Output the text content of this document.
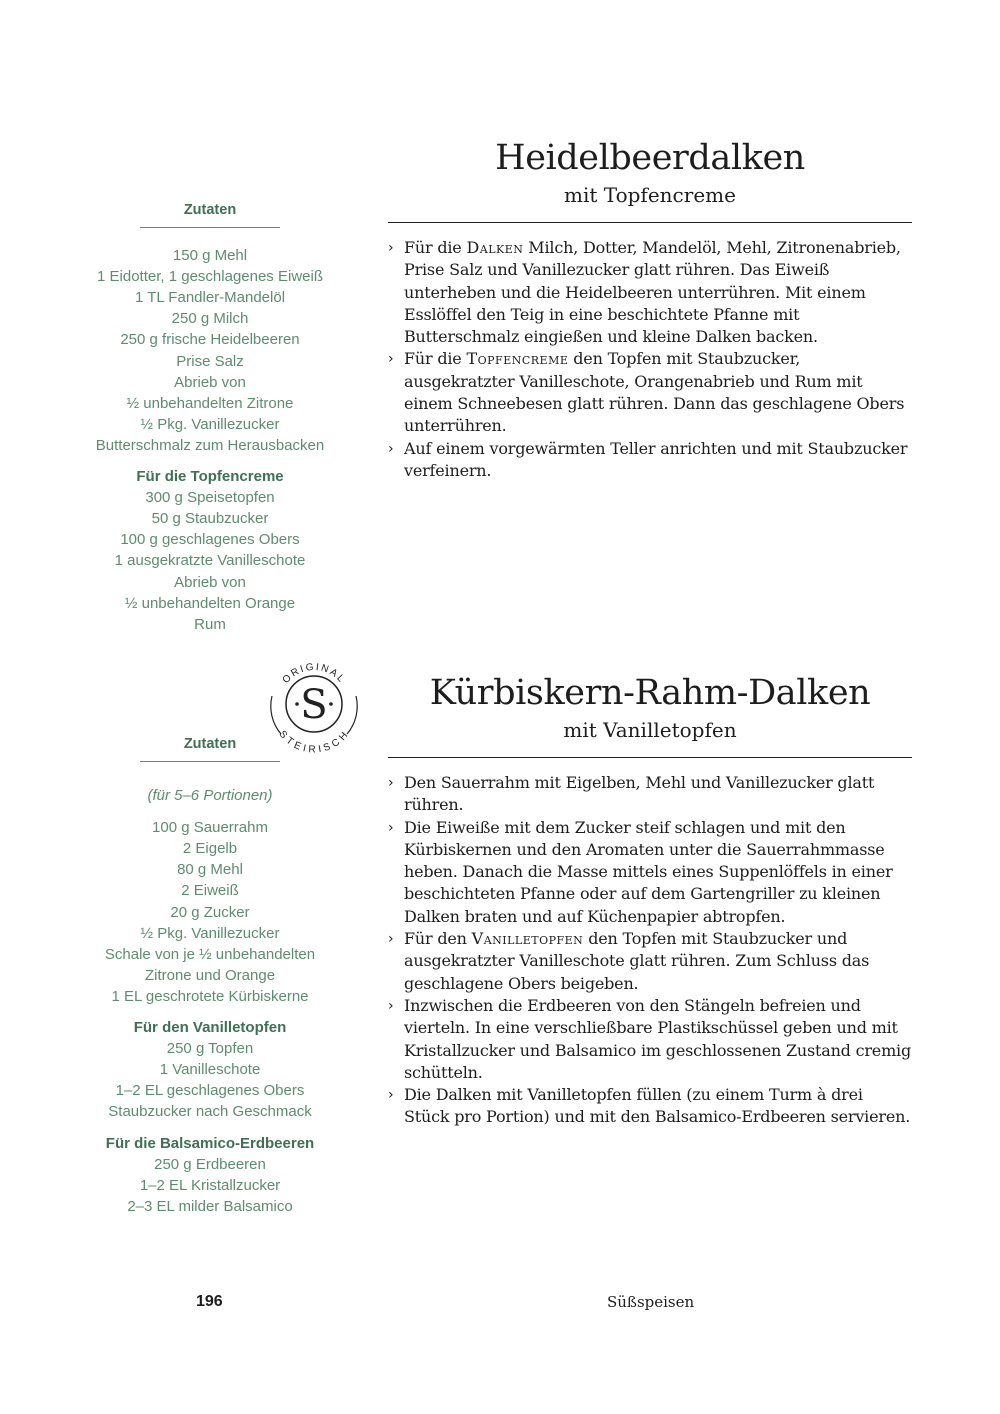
Zutaten
150 g Mehl
1 Eidotter, 1 geschlagenes Eiweiß
1 TL Fandler-Mandelöl
250 g Milch
250 g frische Heidelbeeren
Prise Salz
Abrieb von
½ unbehandelten Zitrone
½ Pkg. Vanillezucker
Butterschmalz zum Herausbacken
Für die Topfencreme
300 g Speisetopfen
50 g Staubzucker
100 g geschlagenes Obers
1 ausgekratzte Vanilleschote
Abrieb von
½ unbehandelten Orange
Rum
Heidelbeerdalken
mit Topfencreme
› Für die Dalken Milch, Dotter, Mandelöl, Mehl, Zitronenabrieb, Prise Salz und Vanillezucker glatt rühren. Das Eiweiß unterheben und die Heidelbeeren unterrühren. Mit einem Esslöffel den Teig in eine beschichtete Pfanne mit Butterschmalz eingießen und kleine Dalken backen.
› Für die Topfencreme den Topfen mit Staubzucker, ausgekratzter Vanilleschote, Orangenabrieb und Rum mit einem Schneebesen glatt rühren. Dann das geschlagene Obers unterrühren.
› Auf einem vorgewärmten Teller anrichten und mit Staubzucker verfeinern.
ORIGINAL
STEIRISCH
S
Zutaten
(für 5–6 Portionen)
100 g Sauerrahm
2 Eigelb
80 g Mehl
2 Eiweiß
20 g Zucker
½ Pkg. Vanillezucker
Schale von je ½ unbehandelten
Zitrone und Orange
1 EL geschrotete Kürbiskerne
Für den Vanilletopfen
250 g Topfen
1 Vanilleschote
1–2 EL geschlagenes Obers
Staubzucker nach Geschmack
Für die Balsamico-Erdbeeren
250 g Erdbeeren
1–2 EL Kristallzucker
2–3 EL milder Balsamico
Kürbiskern-Rahm-Dalken
mit Vanilletopfen
› Den Sauerrahm mit Eigelben, Mehl und Vanillezucker glatt rühren.
› Die Eiweiße mit dem Zucker steif schlagen und mit den Kürbiskernen und den Aromaten unter die Sauerrahmmasse heben. Danach die Masse mittels eines Suppenlöffels in einer beschichteten Pfanne oder auf dem Gartengriller zu kleinen Dalken braten und auf Küchenpapier abtropfen.
› Für den Vanilletopfen den Topfen mit Staubzucker und ausgekratzter Vanilleschote glatt rühren. Zum Schluss das geschlagene Obers beigeben.
› Inzwischen die Erdbeeren von den Stängeln befreien und vierteln. In eine verschließbare Plastikschüssel geben und mit Kristallzucker und Balsamico im geschlossenen Zustand cremig schütteln.
› Die Dalken mit Vanilletopfen füllen (zu einem Turm à drei Stück pro Portion) und mit den Balsamico-Erdbeeren servieren.
196	Süßspeisen
